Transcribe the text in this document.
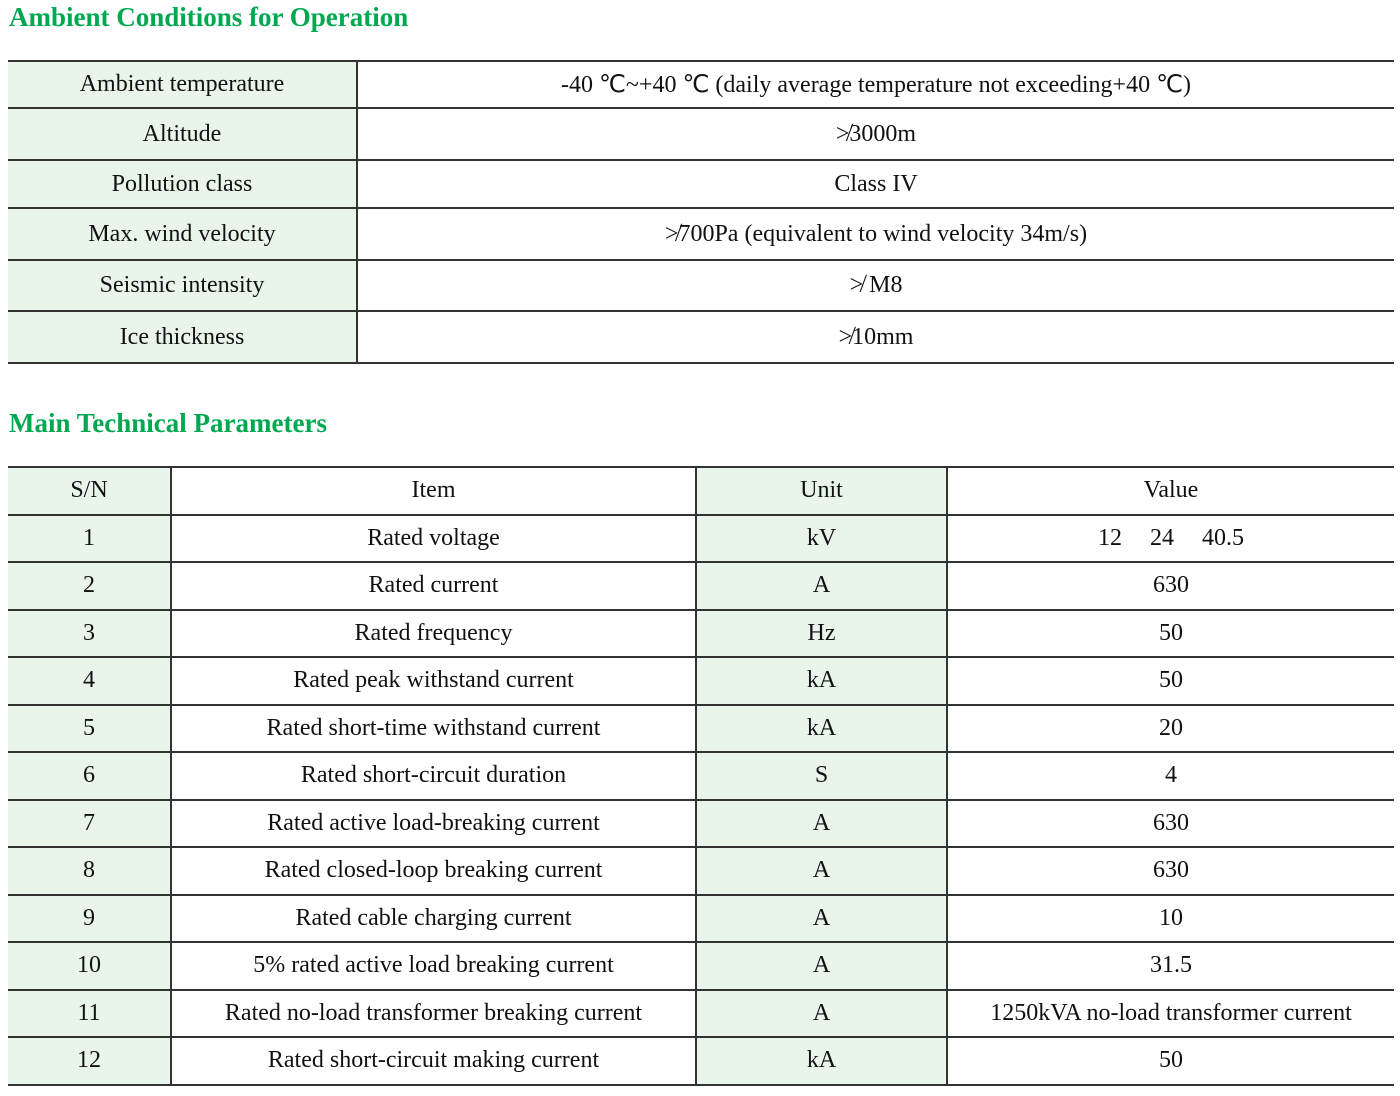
Ambient Conditions for Operation
Ambient temperature	-40 ℃~+40 ℃ (daily average temperature not exceeding+40 ℃)
Altitude	≯3000m
Pollution class	Class IV
Max. wind velocity	≯700Pa (equivalent to wind velocity 34m/s)
Seismic intensity	≯ M8
Ice thickness	≯10mm
Main Technical Parameters
S/N	Item	Unit	Value
1	Rated voltage	kV	12 24 40.5
2	Rated current	A	630
3	Rated frequency	Hz	50
4	Rated peak withstand current	kA	50
5	Rated short-time withstand current	kA	20
6	Rated short-circuit duration	S	4
7	Rated active load-breaking current	A	630
8	Rated closed-loop breaking current	A	630
9	Rated cable charging current	A	10
10	5% rated active load breaking current	A	31.5
11	Rated no-load transformer breaking current	A	1250kVA no-load transformer current
12	Rated short-circuit making current	kA	50
